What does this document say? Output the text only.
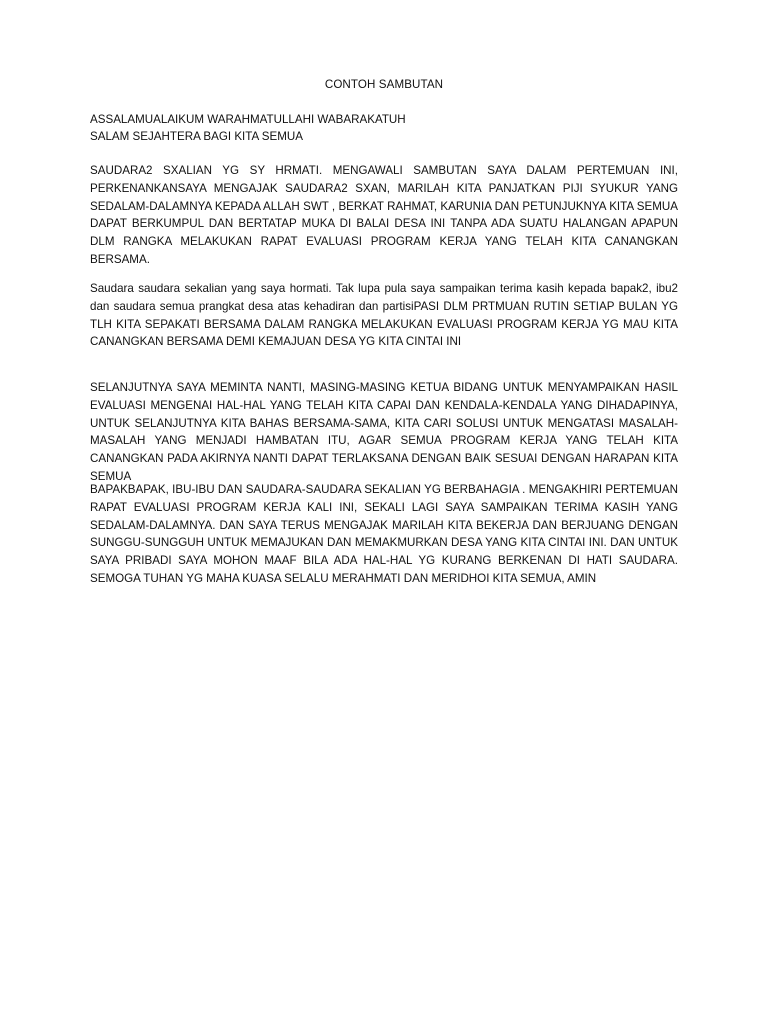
CONTOH SAMBUTAN

ASSALAMUALAIKUM WARAHMATULLAHI WABARAKATUH

SALAM SEJAHTERA BAGI KITA SEMUA

SAUDARA2 SXALIAN YG SY HRMATI. MENGAWALI SAMBUTAN SAYA DALAM PERTEMUAN INI, PERKENANKANSAYA MENGAJAK SAUDARA2 SXAN, MARILAH KITA PANJATKAN PIJI SYUKUR YANG SEDALAM-DALAMNYA KEPADA ALLAH SWT , BERKAT RAHMAT, KARUNIA DAN PETUNJUKNYA KITA SEMUA DAPAT BERKUMPUL DAN BERTATAP MUKA DI BALAI DESA INI TANPA ADA SUATU HALANGAN APAPUN DLM RANGKA MELAKUKAN RAPAT EVALUASI PROGRAM KERJA YANG TELAH KITA CANANGKAN BERSAMA.

Saudara saudara sekalian yang saya hormati. Tak lupa pula saya sampaikan terima kasih kepada bapak2, ibu2 dan saudara semua prangkat desa atas kehadiran dan partisiPASI DLM PRTMUAN RUTIN SETIAP BULAN YG TLH KITA SEPAKATI BERSAMA DALAM RANGKA MELAKUKAN EVALUASI PROGRAM KERJA YG MAU KITA CANANGKAN BERSAMA DEMI KEMAJUAN DESA YG KITA CINTAI INI

SELANJUTNYA SAYA MEMINTA NANTI, MASING-MASING KETUA BIDANG UNTUK MENYAMPAIKAN HASIL EVALUASI MENGENAI HAL-HAL YANG TELAH KITA CAPAI DAN KENDALA-KENDALA YANG DIHADAPINYA, UNTUK SELANJUTNYA KITA BAHAS BERSAMA-SAMA, KITA CARI SOLUSI UNTUK MENGATASI MASALAH-MASALAH YANG MENJADI HAMBATAN ITU, AGAR SEMUA PROGRAM KERJA YANG TELAH KITA CANANGKAN PADA AKIRNYA NANTI DAPAT TERLAKSANA DENGAN BAIK SESUAI DENGAN HARAPAN KITA SEMUA

BAPAKBAPAK, IBU-IBU DAN SAUDARA-SAUDARA SEKALIAN YG BERBAHAGIA . MENGAKHIRI PERTEMUAN RAPAT EVALUASI PROGRAM KERJA KALI INI, SEKALI LAGI SAYA SAMPAIKAN TERIMA KASIH YANG SEDALAM-DALAMNYA. DAN SAYA TERUS MENGAJAK MARILAH KITA BEKERJA DAN BERJUANG DENGAN SUNGGU-SUNGGUH UNTUK MEMAJUKAN DAN MEMAKMURKAN DESA YANG KITA CINTAI INI. DAN UNTUK SAYA PRIBADI SAYA MOHON MAAF BILA ADA HAL-HAL YG KURANG BERKENAN DI HATI SAUDARA. SEMOGA TUHAN YG MAHA KUASA SELALU MERAHMATI DAN MERIDHOI KITA SEMUA, AMIN
